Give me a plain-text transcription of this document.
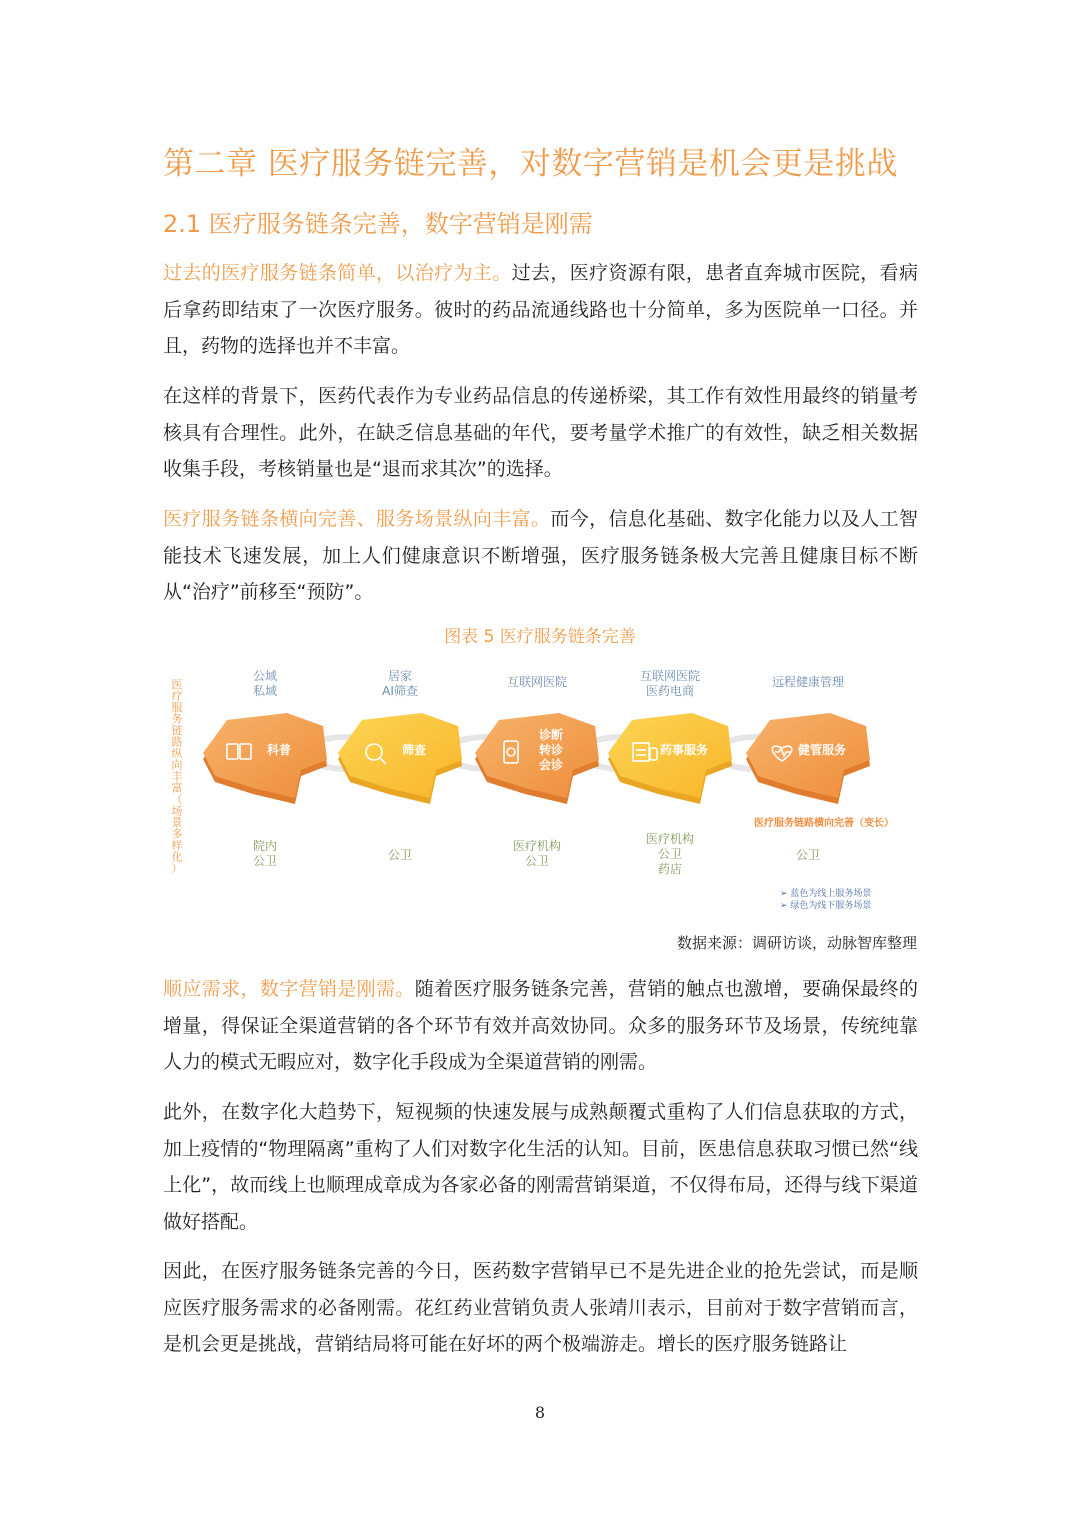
第二章 医疗服务链完善，对数字营销是机会更是挑战
2.1 医疗服务链条完善，数字营销是刚需

过去的医疗服务链条简单，以治疗为主。过去，医疗资源有限，患者直奔城市医院，看病后拿药即结束了一次医疗服务。彼时的药品流通线路也十分简单，多为医院单一口径。并且，药物的选择也并不丰富。

在这样的背景下，医药代表作为专业药品信息的传递桥梁，其工作有效性用最终的销量考核具有合理性。此外，在缺乏信息基础的年代，要考量学术推广的有效性，缺乏相关数据收集手段，考核销量也是“退而求其次”的选择。

医疗服务链条横向完善、服务场景纵向丰富。而今，信息化基础、数字化能力以及人工智能技术飞速发展，加上人们健康意识不断增强，医疗服务链条极大完善且健康目标不断从“治疗”前移至“预防”。

图表 5 医疗服务链条完善
医疗服务链路纵向丰富（场景多样化）
科普
公域
私域
院内
公卫
筛查
居家
AI筛查
公卫
诊断转诊会诊
互联网医院
医疗机构
公卫
药事服务
互联网医院
医药电商
医疗机构
公卫
药店
健管服务
远程健康管理
公卫
医疗服务链路横向完善（变长）
➢ 蓝色为线上服务场景
➢ 绿色为线下服务场景
数据来源：调研访谈，动脉智库整理

顺应需求，数字营销是刚需。随着医疗服务链条完善，营销的触点也激增，要确保最终的增量，得保证全渠道营销的各个环节有效并高效协同。众多的服务环节及场景，传统纯靠人力的模式无暇应对，数字化手段成为全渠道营销的刚需。

此外，在数字化大趋势下，短视频的快速发展与成熟颠覆式重构了人们信息获取的方式，加上疫情的“物理隔离”重构了人们对数字化生活的认知。目前，医患信息获取习惯已然“线上化”，故而线上也顺理成章成为各家必备的刚需营销渠道，不仅得布局，还得与线下渠道做好搭配。

因此，在医疗服务链条完善的今日，医药数字营销早已不是先进企业的抢先尝试，而是顺应医疗服务需求的必备刚需。花红药业营销负责人张靖川表示，目前对于数字营销而言，是机会更是挑战，营销结局将可能在好坏的两个极端游走。增长的医疗服务链路让

8
